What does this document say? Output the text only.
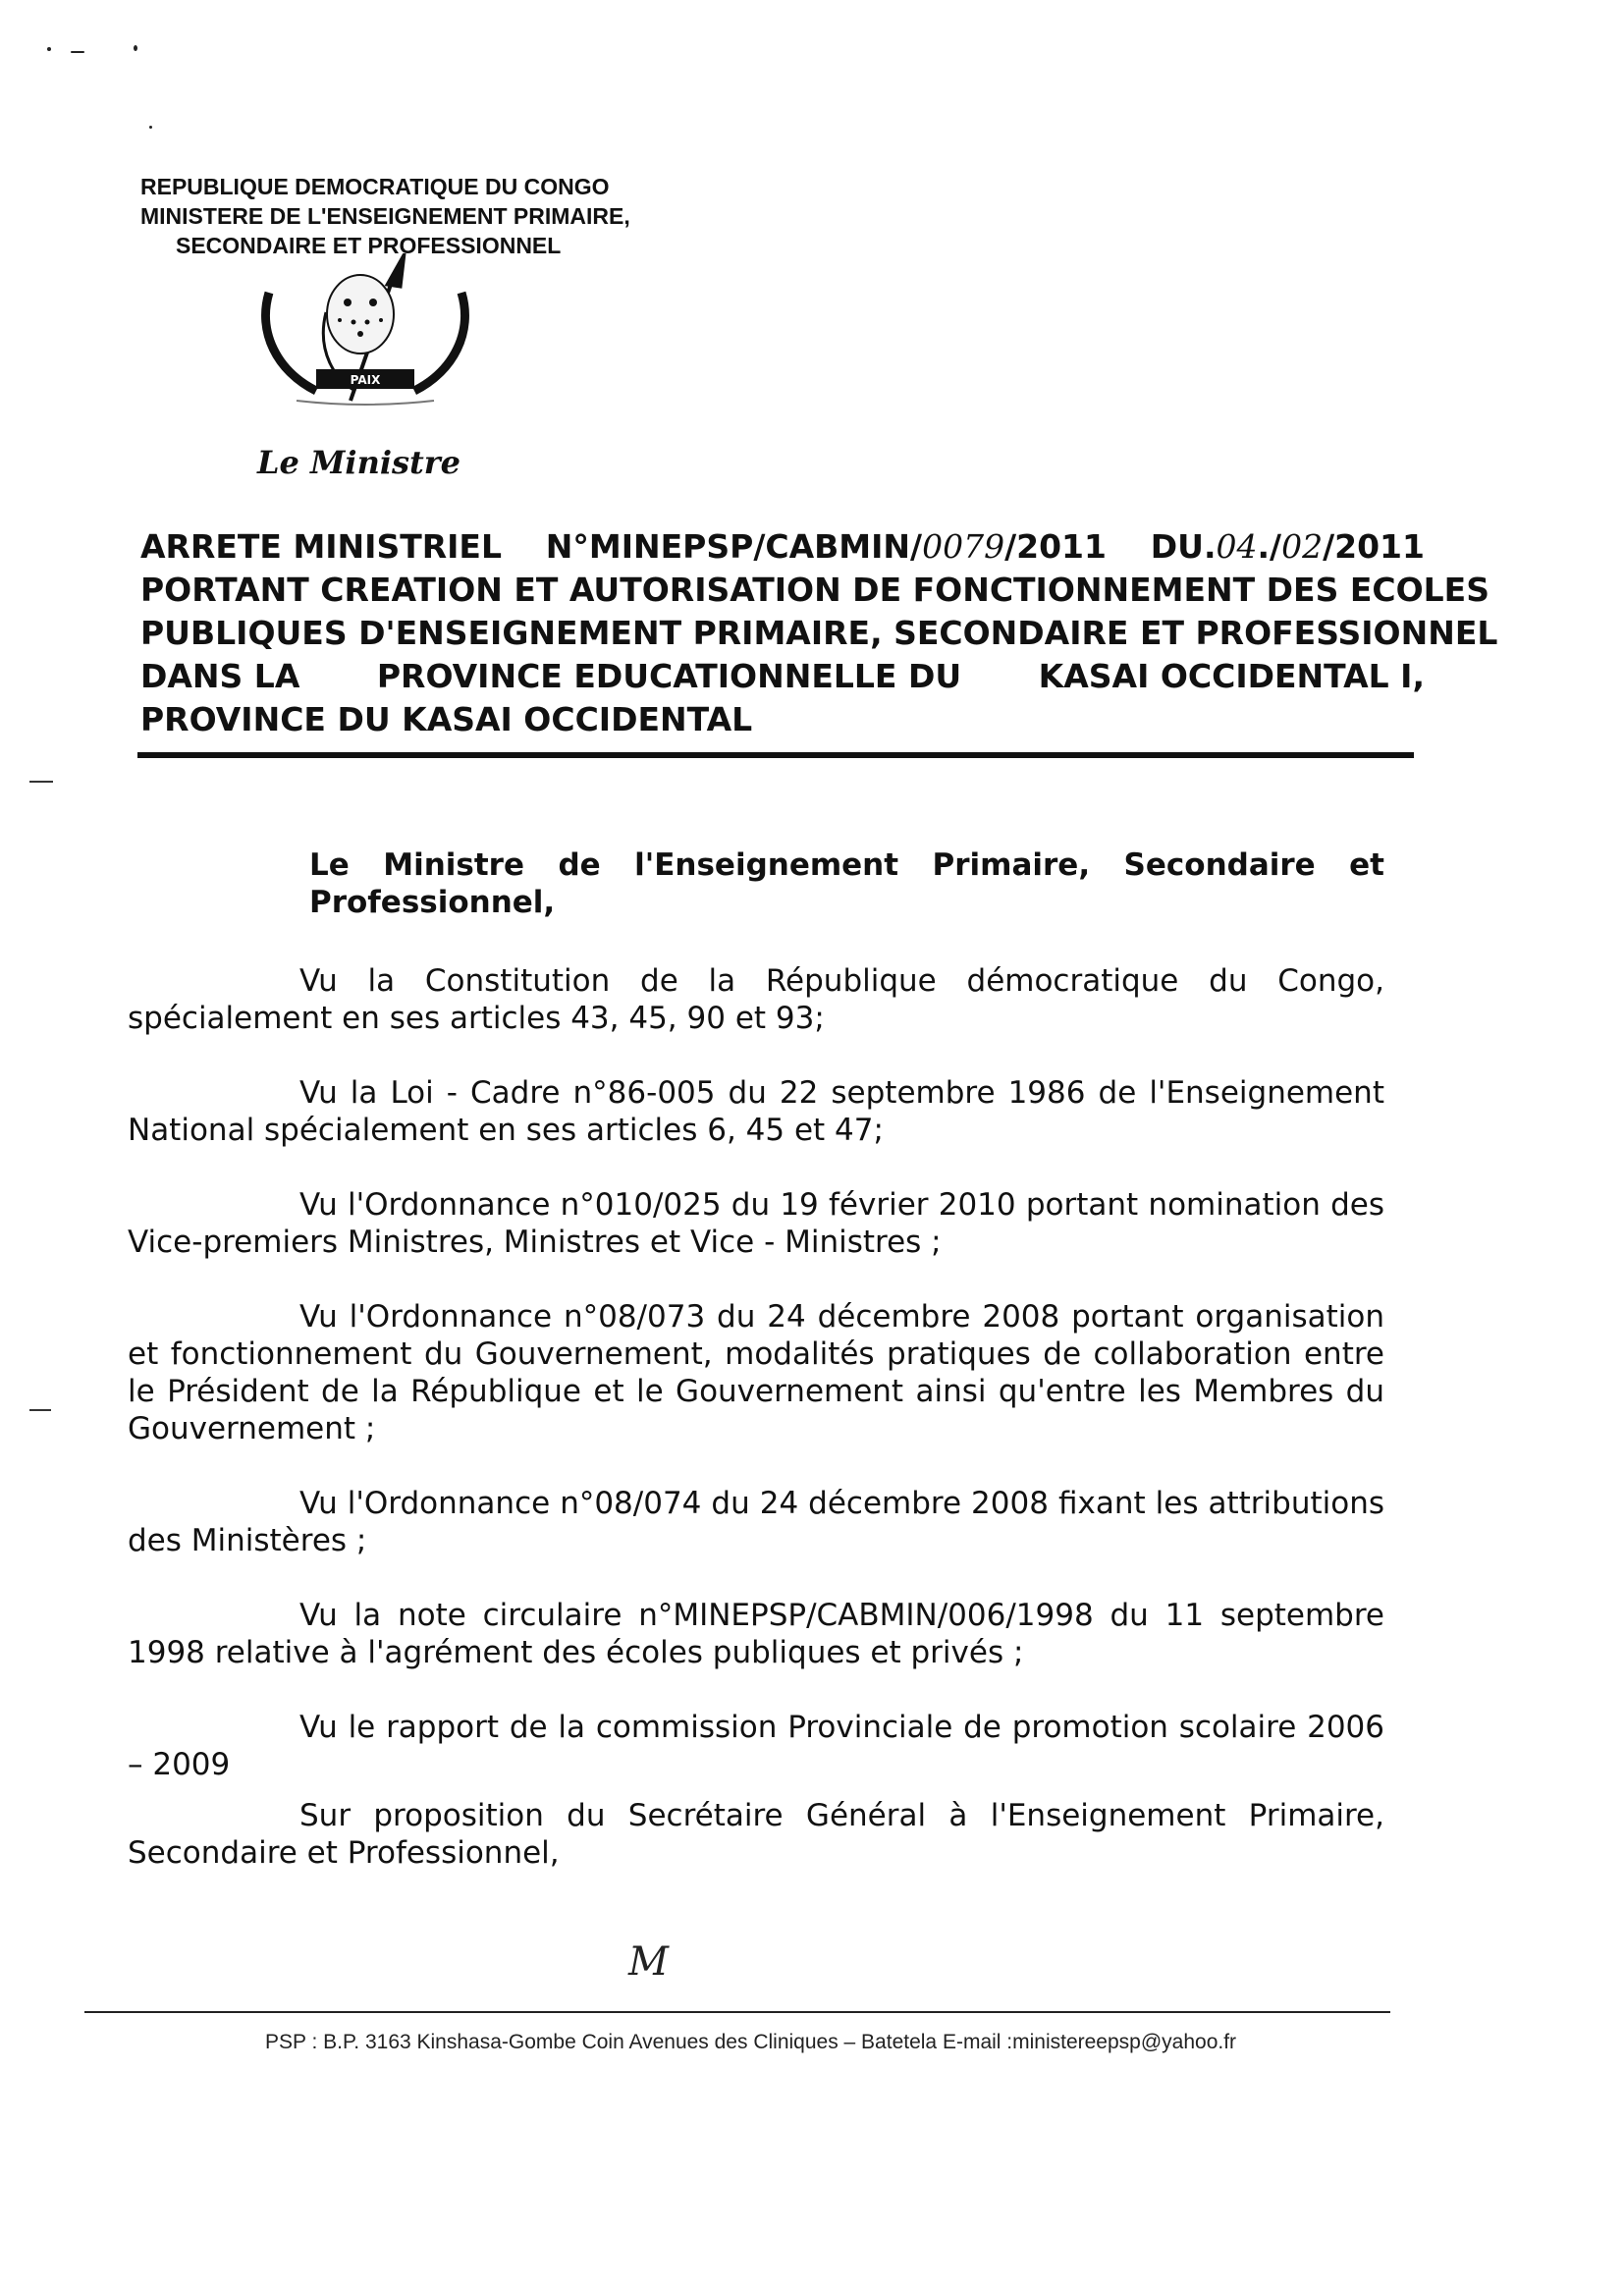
REPUBLIQUE DEMOCRATIQUE DU CONGO
MINISTERE DE L'ENSEIGNEMENT PRIMAIRE,
SECONDAIRE ET PROFESSIONNEL
PAIX
Le Ministre
ARRETE MINISTRIEL N°MINEPSP/CABMIN/0079/2011 DU.04./02/2011
PORTANT CREATION ET AUTORISATION DE FONCTIONNEMENT DES ECOLES
PUBLIQUES D'ENSEIGNEMENT PRIMAIRE, SECONDAIRE ET PROFESSIONNEL
DANS LA PROVINCE EDUCATIONNELLE DU KASAI OCCIDENTAL I,
PROVINCE DU KASAI OCCIDENTAL
Le Ministre de l'Enseignement Primaire, Secondaire et Professionnel,

Vu la Constitution de la République démocratique du Congo, spécialement en ses articles 43, 45, 90 et 93;

Vu la Loi - Cadre n°86-005 du 22 septembre 1986 de l'Enseignement National spécialement en ses articles 6, 45 et 47;

Vu l'Ordonnance n°010/025 du 19 février 2010 portant nomination des Vice-premiers Ministres, Ministres et Vice - Ministres ;

Vu l'Ordonnance n°08/073 du 24 décembre 2008 portant organisation et fonctionnement du Gouvernement, modalités pratiques de collaboration entre le Président de la République et le Gouvernement ainsi qu'entre les Membres du Gouvernement ;

Vu l'Ordonnance n°08/074 du 24 décembre 2008 fixant les attributions des Ministères ;

Vu la note circulaire n°MINEPSP/CABMIN/006/1998 du 11 septembre 1998 relative à l'agrément des écoles publiques et privés ;

Vu le rapport de la commission Provinciale de promotion scolaire 2006 – 2009

Sur proposition du Secrétaire Général à l'Enseignement Primaire, Secondaire et Professionnel,

M
PSP : B.P. 3163 Kinshasa-Gombe Coin Avenues des Cliniques – Batetela E-mail :ministereepsp@yahoo.fr
